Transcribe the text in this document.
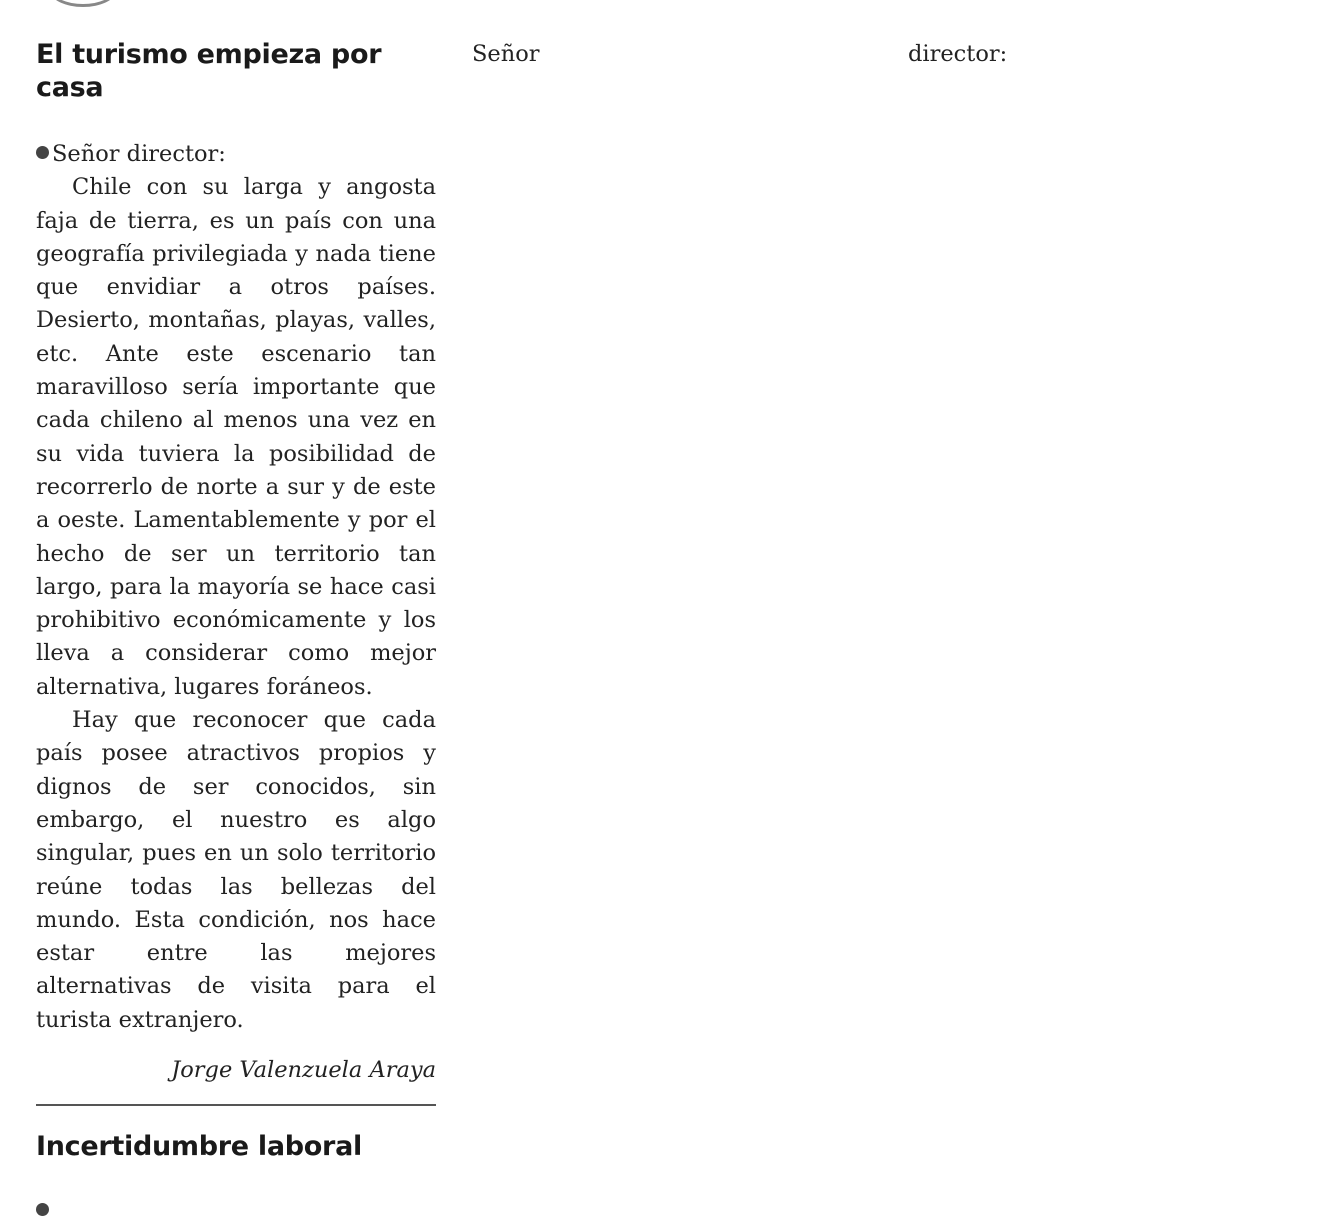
El turismo empieza por casa

Señor director:

Chile con su larga y angosta faja de tierra, es un país con una geografía privilegiada y nada tiene que envidiar a otros países. Desierto, montañas, playas, valles, etc. Ante este escenario tan maravilloso sería importante que cada chileno al menos una vez en su vida tuviera la posibilidad de recorrerlo de norte a sur y de este a oeste. Lamentablemente y por el hecho de ser un territorio tan largo, para la mayoría se hace casi prohibitivo económicamente y los lleva a considerar como mejor alternativa, lugares foráneos.

Hay que reconocer que cada país posee atractivos propios y dignos de ser conocidos, sin embargo, el nuestro es algo singular, pues en un solo territorio reúne todas las bellezas del mundo. Esta condición, nos hace estar entre las mejores alternativas de visita para el turista extranjero.

Jorge Valenzuela Araya

Incertidumbre laboral

Señor	director:
